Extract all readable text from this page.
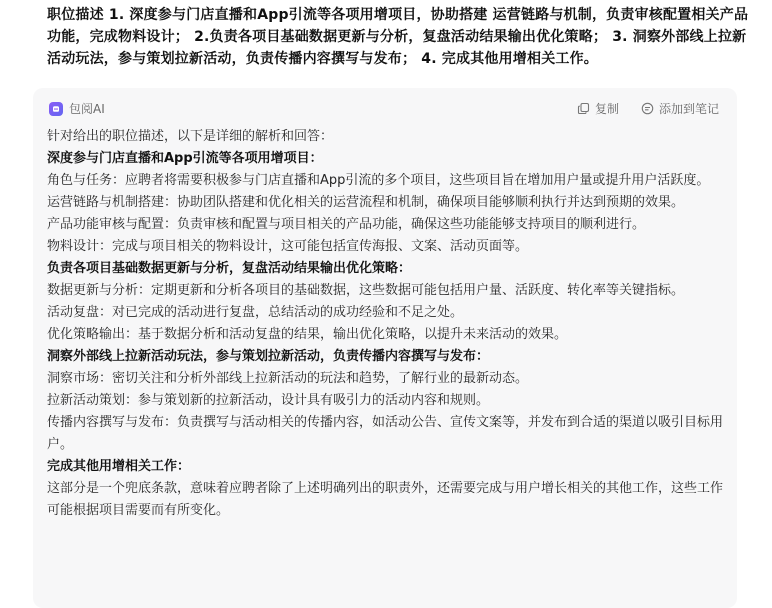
职位描述 1. 深度参与门店直播和App引流等各项用增项目，协助搭建 运营链路与机制，负责审核配置相关产品功能，完成物料设计； 2.负责各项目基础数据更新与分析，复盘活动结果输出优化策略； 3. 洞察外部线上拉新活动玩法，参与策划拉新活动，负责传播内容撰写与发布； 4. 完成其他用增相关工作。
包阅AI	复制	添加到笔记

针对给出的职位描述，以下是详细的解析和回答：

深度参与门店直播和App引流等各项用增项目：

角色与任务：应聘者将需要积极参与门店直播和App引流的多个项目，这些项目旨在增加用户量或提升用户活跃度。

运营链路与机制搭建：协助团队搭建和优化相关的运营流程和机制，确保项目能够顺利执行并达到预期的效果。

产品功能审核与配置：负责审核和配置与项目相关的产品功能，确保这些功能能够支持项目的顺利进行。

物料设计：完成与项目相关的物料设计，这可能包括宣传海报、文案、活动页面等。

负责各项目基础数据更新与分析，复盘活动结果输出优化策略：

数据更新与分析：定期更新和分析各项目的基础数据，这些数据可能包括用户量、活跃度、转化率等关键指标。

活动复盘：对已完成的活动进行复盘，总结活动的成功经验和不足之处。

优化策略输出：基于数据分析和活动复盘的结果，输出优化策略，以提升未来活动的效果。

洞察外部线上拉新活动玩法，参与策划拉新活动，负责传播内容撰写与发布：

洞察市场：密切关注和分析外部线上拉新活动的玩法和趋势，了解行业的最新动态。

拉新活动策划：参与策划新的拉新活动，设计具有吸引力的活动内容和规则。

传播内容撰写与发布：负责撰写与活动相关的传播内容，如活动公告、宣传文案等，并发布到合适的渠道以吸引目标用户。

完成其他用增相关工作：

这部分是一个兜底条款，意味着应聘者除了上述明确列出的职责外，还需要完成与用户增长相关的其他工作，这些工作可能根据项目需要而有所变化。
